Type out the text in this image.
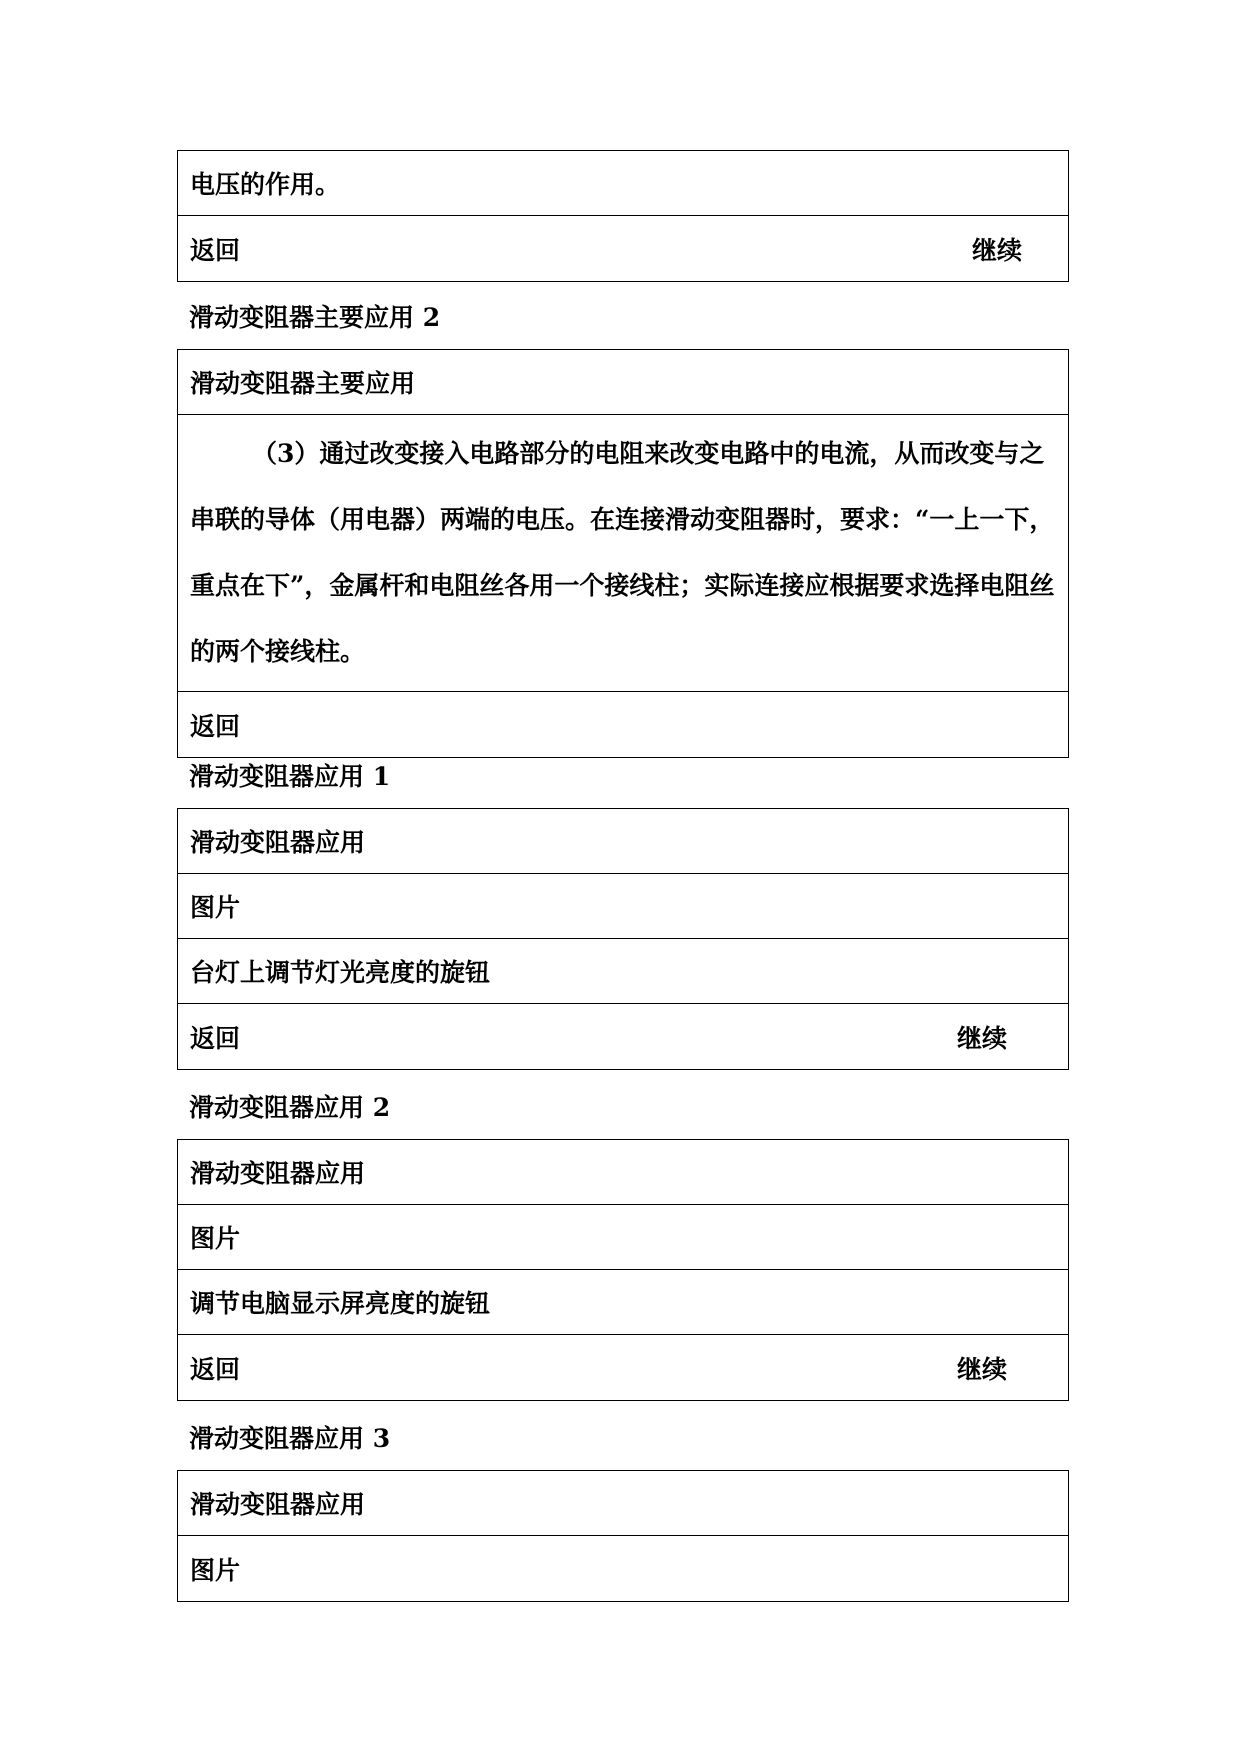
电压的作用。
返回	继续
滑动变阻器主要应用 2
滑动变阻器主要应用

（3）通过改变接入电路部分的电阻来改变电路中的电流，从而改变与之串联的导体（用电器）两端的电压。在连接滑动变阻器时，要求：“一上一下，重点在下”，金属杆和电阻丝各用一个接线柱；实际连接应根据要求选择电阻丝的两个接线柱。

返回
滑动变阻器应用 1
滑动变阻器应用
图片
台灯上调节灯光亮度的旋钮
返回	继续
滑动变阻器应用 2
滑动变阻器应用
图片
调节电脑显示屏亮度的旋钮
返回	继续
滑动变阻器应用 3
滑动变阻器应用
图片
